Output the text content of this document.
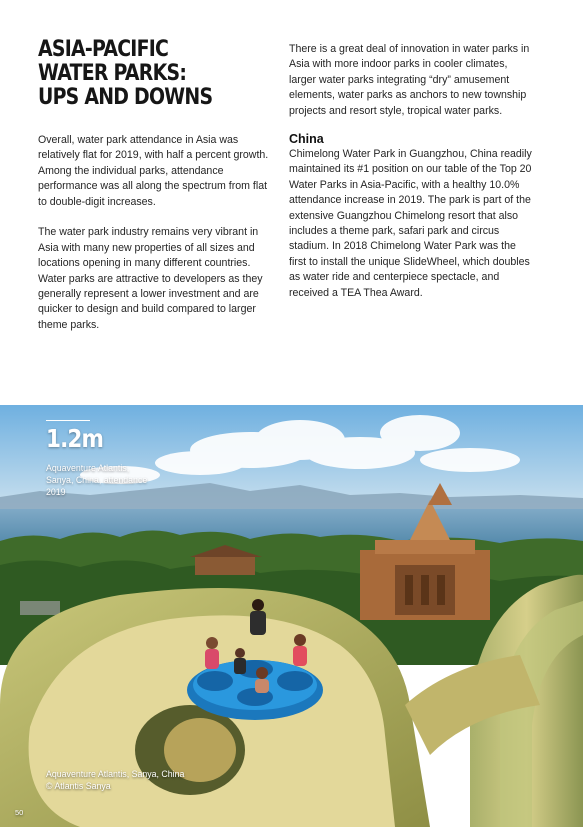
ASIA-PACIFIC
WATER PARKS:
UPS AND DOWNS

Overall, water park attendance in Asia was relatively flat for 2019, with half a percent growth. Among the individual parks, attendance performance was all along the spectrum from flat to double-digit increases.

The water park industry remains very vibrant in Asia with many new properties of all sizes and locations opening in many different countries. Water parks are attractive to developers as they generally represent a lower investment and are quicker to design and build compared to larger theme parks.

There is a great deal of innovation in water parks in Asia with more indoor parks in cooler climates, larger water parks integrating “dry” amusement elements, water parks as anchors to new township projects and resort style, tropical water parks.

China

Chimelong Water Park in Guangzhou, China readily maintained its #1 position on our table of the Top 20 Water Parks in Asia-Pacific, with a healthy 10.0% attendance increase in 2019. The park is part of the extensive Guangzhou Chimelong resort that also includes a theme park, safari park and circus stadium. In 2018 Chimelong Water Park was the first to install the unique SlideWheel, which doubles as water ride and centerpiece spectacle, and received a TEA Thea Award.

1.2m

Aquaventure Atlantis, Sanya, China, attendance 2019

Aquaventure Atlantis, Sanya, China
© Atlantis Sanya

50
